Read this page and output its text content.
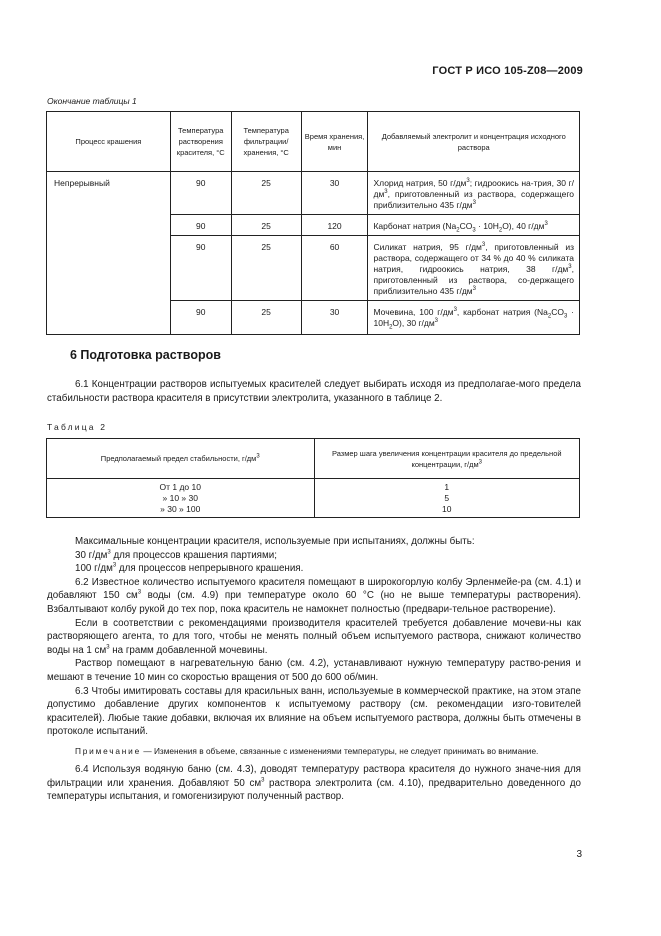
ГОСТ Р ИСО 105-Z08—2009
Окончание таблицы 1
Процесс крашения	Температура растворения красителя, °С	Температура фильтрации/ хранения, °С	Время хранения, мин	Добавляемый электролит и концентрация исходного раствора
Непрерывный	90	25	30	Хлорид натрия, 50 $г/дм^3$; гидроокись на-трия, 30 $г/дм^3$, приготовленный из раствора, содержащего приблизительно 435 $г/дм^3$
	90	25	120	Карбонат натрия $(Na_2CO_3 \cdot 10H_2O)$, 40 $г/дм^3$
	90	25	60	Силикат натрия, 95 $г/дм^3$, приготовленный из раствора, содержащего от 34 % до 40 % силиката натрия, гидроокись натрия, 38 $г/дм^3$, приготовленный из раствора, со-держащего приблизительно 435 $г/дм^3$
	90	25	30	Мочевина, 100 $г/дм^3$, карбонат натрия $(Na_2CO_3 \cdot 10H_2O)$, 30 $г/дм^3$
6 Подготовка растворов

6.1 Концентрации растворов испытуемых красителей следует выбирать исходя из предполагае-мого предела стабильности раствора красителя в присутствии электролита, указанного в таблице 2.

Таблица 2
Предполагаемый предел стабильности, $г/дм^3$	Размер шага увеличения концентрации красителя до предельной концентрации, $г/дм^3$
От 1 до 10	1
» 10 » 30	5
» 30 » 100	10

Максимальные концентрации красителя, используемые при испытаниях, должны быть:

30 $г/дм^3$ для процессов крашения партиями;

100 $г/дм^3$ для процессов непрерывного крашения.

6.2 Известное количество испытуемого красителя помещают в широкогорлую колбу Эрленмейе-ра (см. 4.1) и добавляют 150 $см^3$ воды (см. 4.9) при температуре около 60 °С (но не выше температуры растворения). Взбалтывают колбу рукой до тех пор, пока краситель не намокнет полностью (предвари-тельное растворение).

Если в соответствии с рекомендациями производителя красителей требуется добавление мочеви-ны как растворяющего агента, то для того, чтобы не менять полный объем испытуемого раствора, снижают количество воды на 1 $см^3$ на грамм добавленной мочевины.

Раствор помещают в нагревательную баню (см. 4.2), устанавливают нужную температуру раство-рения и мешают в течение 10 мин со скоростью вращения от 500 до 600 об/мин.

6.3 Чтобы имитировать составы для красильных ванн, используемые в коммерческой практике, на этом этапе допустимо добавление других компонентов к испытуемому раствору (см. рекомендации изго-товителей красителей). Любые такие добавки, включая их влияние на объем испытуемого раствора, должны быть отмечены в протоколе испытаний.

Примечание — Изменения в объеме, связанные с изменениями температуры, не следует принимать во внимание.

6.4 Используя водяную баню (см. 4.3), доводят температуру раствора красителя до нужного значе-ния для фильтрации или хранения. Добавляют 50 $см^3$ раствора электролита (см. 4.10), предварительно доведенного до температуры испытания, и гомогенизируют полученный раствор.

3
